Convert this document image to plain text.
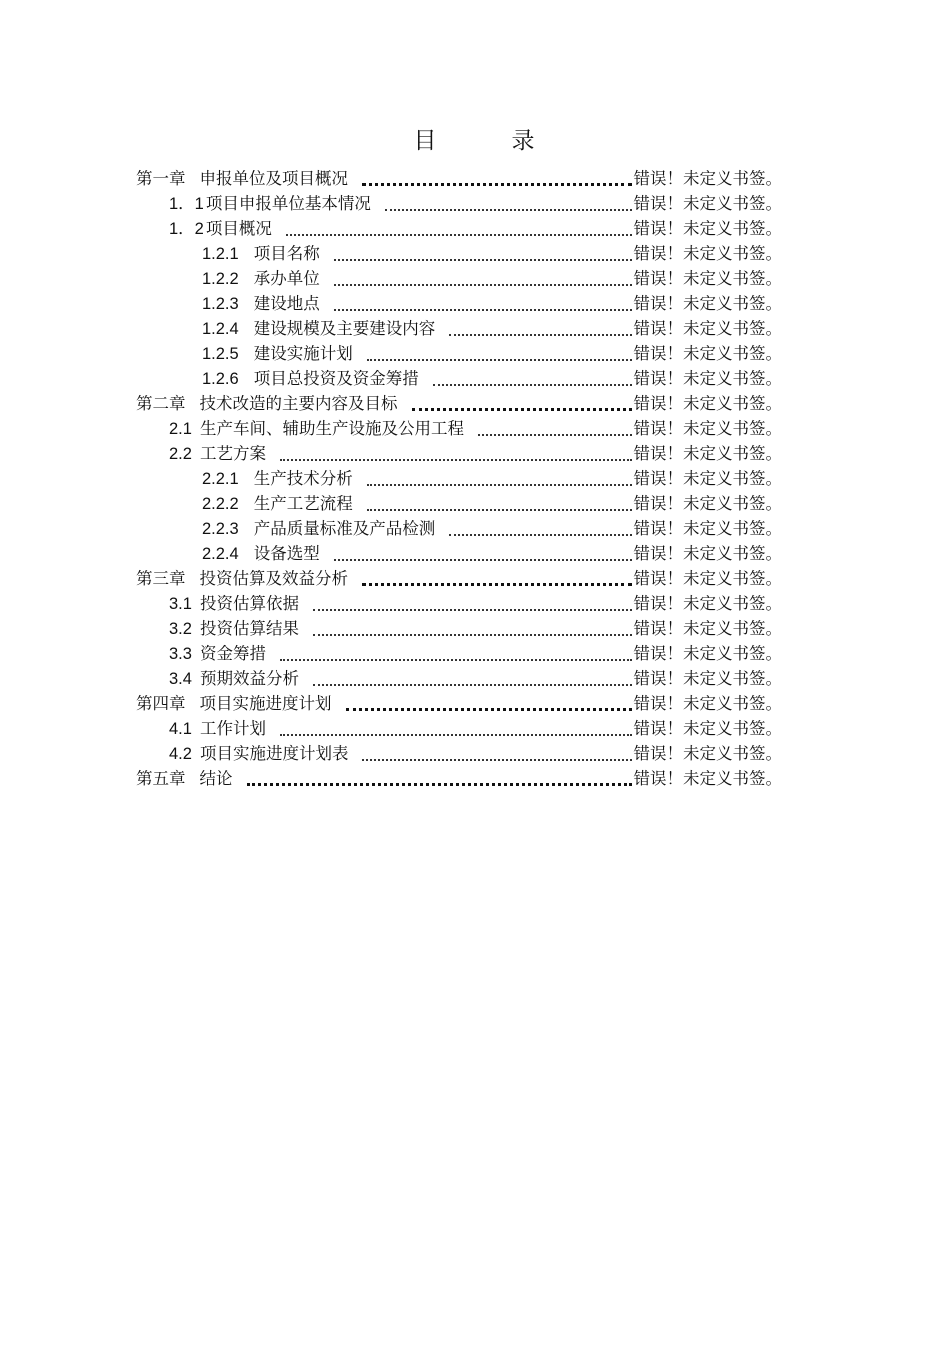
目　录
第一章 申报单位及项目概况	错误！未定义书签。
1．1 项目申报单位基本情况	错误！未定义书签。
1．2 项目概况	错误！未定义书签。
1.2.1 项目名称	错误！未定义书签。
1.2.2 承办单位	错误！未定义书签。
1.2.3 建设地点	错误！未定义书签。
1.2.4 建设规模及主要建设内容	错误！未定义书签。
1.2.5 建设实施计划	错误！未定义书签。
1.2.6 项目总投资及资金筹措	错误！未定义书签。
第二章 技术改造的主要内容及目标	错误！未定义书签。
2.1 生产车间、辅助生产设施及公用工程	错误！未定义书签。
2.2 工艺方案	错误！未定义书签。
2.2.1 生产技术分析	错误！未定义书签。
2.2.2 生产工艺流程	错误！未定义书签。
2.2.3 产品质量标准及产品检测	错误！未定义书签。
2.2.4 设备选型	错误！未定义书签。
第三章 投资估算及效益分析	错误！未定义书签。
3.1 投资估算依据	错误！未定义书签。
3.2 投资估算结果	错误！未定义书签。
3.3 资金筹措	错误！未定义书签。
3.4 预期效益分析	错误！未定义书签。
第四章 项目实施进度计划	错误！未定义书签。
4.1 工作计划	错误！未定义书签。
4.2 项目实施进度计划表	错误！未定义书签。
第五章 结论	错误！未定义书签。
